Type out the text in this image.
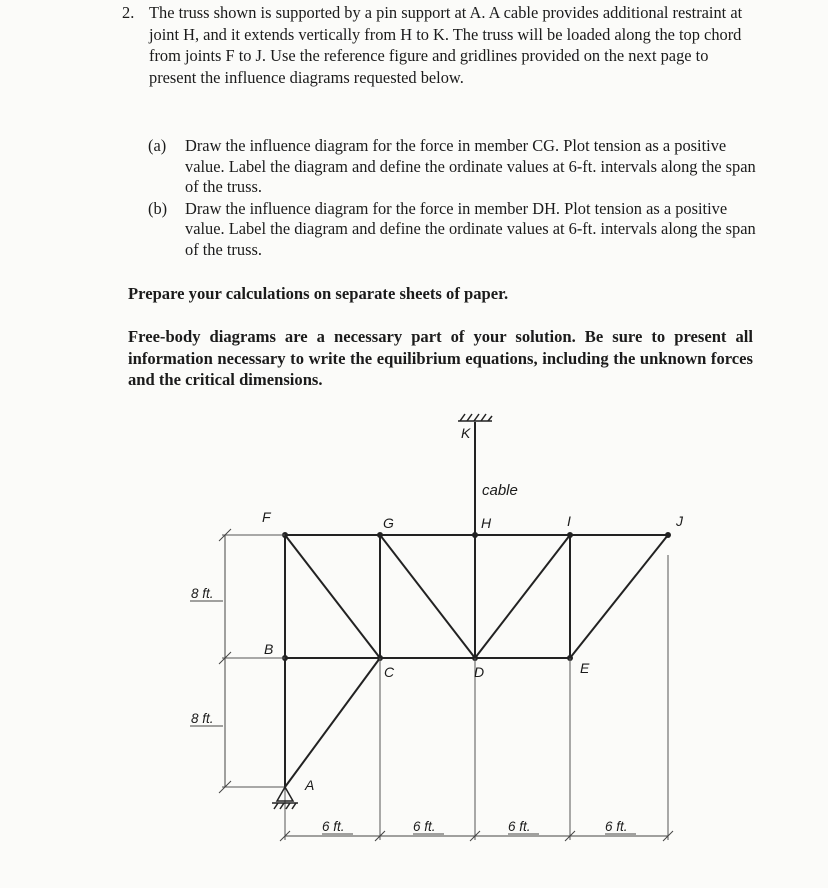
2. The truss shown is supported by a pin support at A. A cable provides additional restraint at joint H, and it extends vertically from H to K. The truss will be loaded along the top chord from joints F to J. Use the reference figure and gridlines provided on the next page to present the influence diagrams requested below.
(a) Draw the influence diagram for the force in member CG. Plot tension as a positive value. Label the diagram and define the ordinate values at 6-ft. intervals along the span of the truss.
(b) Draw the influence diagram for the force in member DH. Plot tension as a positive value. Label the diagram and define the ordinate values at 6-ft. intervals along the span of the truss.
Prepare your calculations on separate sheets of paper.
Free-body diagrams are a necessary part of your solution. Be sure to present all information necessary to write the equilibrium equations, including the unknown forces and the critical dimensions.
F	G	H	I	J
B
C	D	E
A
K
cable
8 ft.
8 ft.
6 ft.	6 ft.	6 ft.	6 ft.
